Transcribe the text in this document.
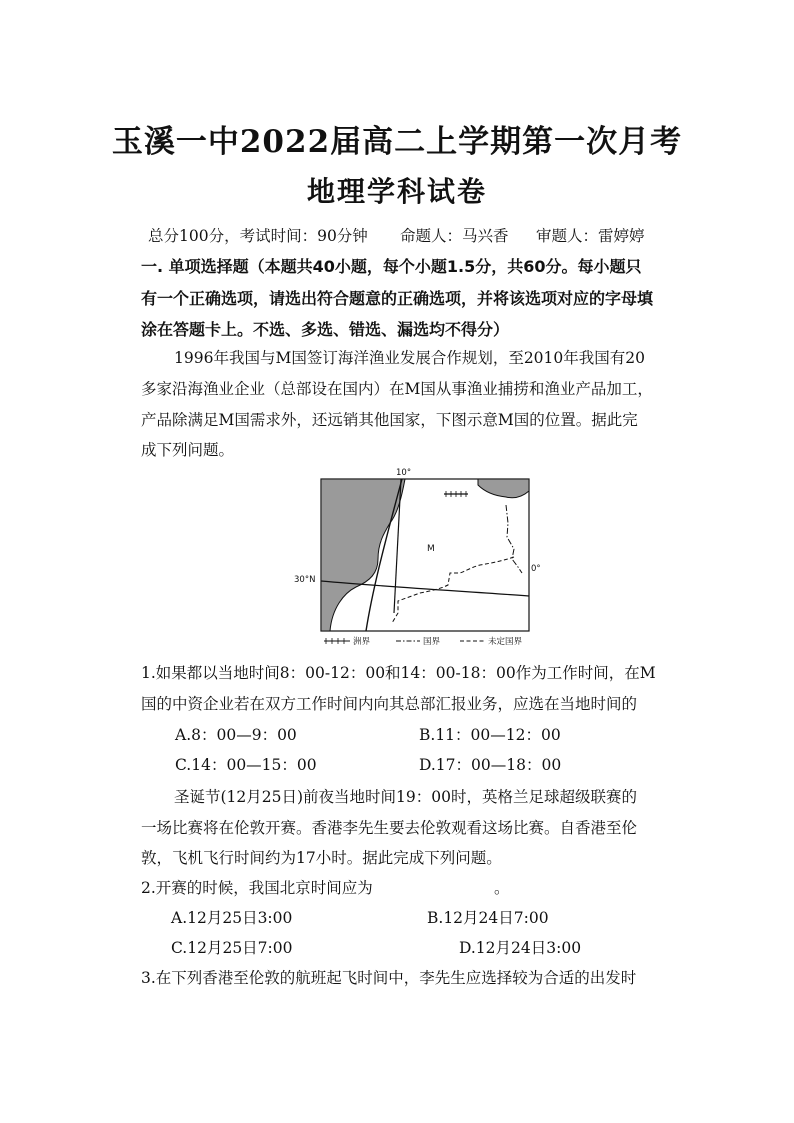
玉溪一中2022届高二上学期第一次月考
地理学科试卷
总分100分，考试时间：90分钟 命题人：马兴香 审题人：雷婷婷
一. 单项选择题（本题共40小题，每个小题1.5分，共60分。每小题只
有一个正确选项，请选出符合题意的正确选项，并将该选项对应的字母填
涂在答题卡上。不选、多选、错选、漏选均不得分）
1996年我国与M国签订海洋渔业发展合作规划，至2010年我国有20
多家沿海渔业企业（总部设在国内）在M国从事渔业捕捞和渔业产品加工，
产品除满足M国需求外，还远销其他国家，下图示意M国的位置。据此完
成下列问题。
10°
30°N
0°
M
洲界	国界	未定国界
1.如果都以当地时间8：00-12：00和14：00-18：00作为工作时间，在M
国的中资企业若在双方工作时间内向其总部汇报业务，应选在当地时间的
A.8：00—9：00	B.11：00—12：00
C.14：00—15：00	D.17：00—18：00
圣诞节(12月25日)前夜当地时间19：00时，英格兰足球超级联赛的
一场比赛将在伦敦开赛。香港李先生要去伦敦观看这场比赛。自香港至伦
敦，飞机飞行时间约为17小时。据此完成下列问题。
2.开赛的时候，我国北京时间应为	。
A.12月25日3:00	B.12月24日7:00
C.12月25日7:00	D.12月24日3:00
3.在下列香港至伦敦的航班起飞时间中，李先生应选择较为合适的出发时
